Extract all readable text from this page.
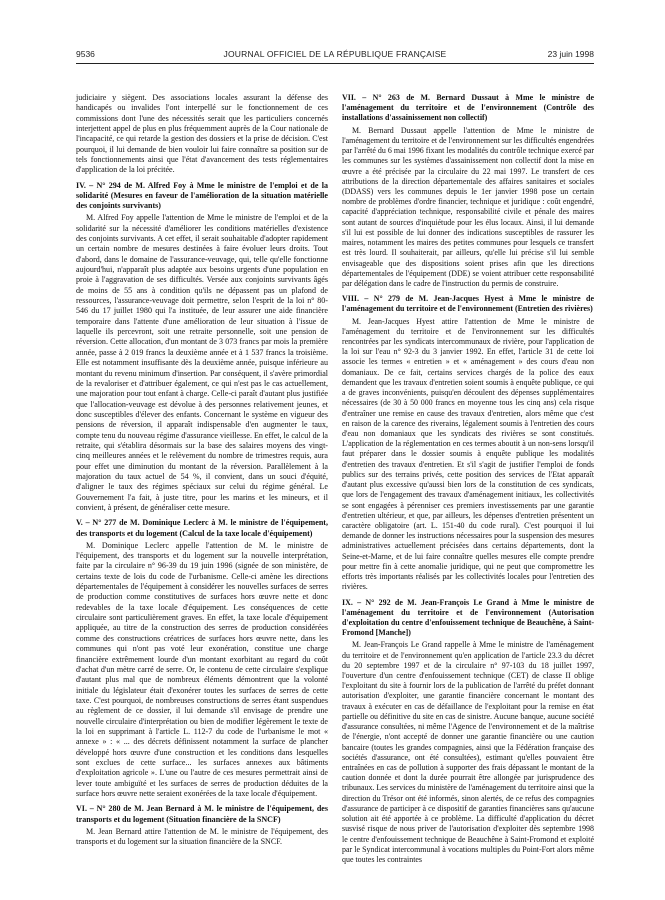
9536	JOURNAL OFFICIEL DE LA RÉPUBLIQUE FRANÇAISE	23 juin 1998

judiciaire y siègent. Des associations locales assurant la défense des handicapés ou invalides l'ont interpellé sur le fonctionnement de ces commissions dont l'une des nécessités serait que les particuliers concernés interjettent appel de plus en plus fréquemment auprès de la Cour nationale de l'incapacité, ce qui retarde la gestion des dossiers et la prise de décision. C'est pourquoi, il lui demande de bien vouloir lui faire connaître sa position sur de tels fonctionnements ainsi que l'état d'avancement des tests réglementaires d'application de la loi précitée.

IV. – N° 294 de M. Alfred Foy à Mme le ministre de l'emploi et de la solidarité (Mesures en faveur de l'amélioration de la situation matérielle des conjoints survivants)

M. Alfred Foy appelle l'attention de Mme le ministre de l'emploi et de la solidarité sur la nécessité d'améliorer les conditions matérielles d'existence des conjoints survivants. A cet effet, il serait souhaitable d'adopter rapidement un certain nombre de mesures destinées à faire évoluer leurs droits. Tout d'abord, dans le domaine de l'assurance-veuvage, qui, telle qu'elle fonctionne aujourd'hui, n'apparaît plus adaptée aux besoins urgents d'une population en proie à l'aggravation de ses difficultés. Versée aux conjoints survivants âgés de moins de 55 ans à condition qu'ils ne dépassent pas un plafond de ressources, l'assurance-veuvage doit permettre, selon l'esprit de la loi n° 80-546 du 17 juillet 1980 qui l'a instituée, de leur assurer une aide financière temporaire dans l'attente d'une amélioration de leur situation à l'issue de laquelle ils percevront, soit une retraite personnelle, soit une pension de réversion. Cette allocation, d'un montant de 3 073 francs par mois la première année, passe à 2 019 francs la deuxième année et à 1 537 francs la troisième. Elle est notamment insuffisante dès la deuxième année, puisque inférieure au montant du revenu minimum d'insertion. Par conséquent, il s'avère primordial de la revaloriser et d'attribuer également, ce qui n'est pas le cas actuellement, une majoration pour tout enfant à charge. Celle-ci paraît d'autant plus justifiée que l'allocation-veuvage est dévolue à des personnes relativement jeunes, et donc susceptibles d'élever des enfants. Concernant le système en vigueur des pensions de réversion, il apparaît indispensable d'en augmenter le taux, compte tenu du nouveau régime d'assurance vieillesse. En effet, le calcul de la retraite, qui s'établira désormais sur la base des salaires moyens des vingt-cinq meilleures années et le relèvement du nombre de trimestres requis, aura pour effet une diminution du montant de la réversion. Parallèlement à la majoration du taux actuel de 54 %, il convient, dans un souci d'équité, d'aligner le taux des régimes spéciaux sur celui du régime général. Le Gouvernement l'a fait, à juste titre, pour les marins et les mineurs, et il convient, à présent, de généraliser cette mesure.

V. – N° 277 de M. Dominique Leclerc à M. le ministre de l'équipement, des transports et du logement (Calcul de la taxe locale d'équipement)

M. Dominique Leclerc appelle l'attention de M. le ministre de l'équipement, des transports et du logement sur la nouvelle interprétation, faite par la circulaire n° 96-39 du 19 juin 1996 (signée de son ministère, de certains texte de lois du code de l'urbanisme. Celle-ci amène les directions départementales de l'équipement à considérer les nouvelles surfaces de serres de production comme constitutives de surfaces hors œuvre nette et donc redevables de la taxe locale d'équipement. Les conséquences de cette circulaire sont particulièrement graves. En effet, la taxe locale d'équipement appliquée, au titre de la construction des serres de production considérées comme des constructions créatrices de surfaces hors œuvre nette, dans les communes qui n'ont pas voté leur exonération, constitue une charge financière extrêmement lourde d'un montant exorbitant au regard du coût d'achat d'un mètre carré de serre. Or, le contenu de cette circulaire s'explique d'autant plus mal que de nombreux éléments démontrent que la volonté initiale du législateur était d'exonérer toutes les surfaces de serres de cette taxe. C'est pourquoi, de nombreuses constructions de serres étant suspendues au règlement de ce dossier, il lui demande s'il envisage de prendre une nouvelle circulaire d'interprétation ou bien de modifier légèrement le texte de la loi en supprimant à l'article L. 112-7 du code de l'urbanisme le mot « annexe » : « ... des décrets définissent notamment la surface de plancher développé hors œuvre d'une construction et les conditions dans lesquelles sont exclues de cette surface... les surfaces annexes aux bâtiments d'exploitation agricole ». L'une ou l'autre de ces mesures permettrait ainsi de lever toute ambiguïté et les surfaces de serres de production déduites de la surface hors œuvre nette seraient exonérées de la taxe locale d'équipement.

VI. – N° 280 de M. Jean Bernard à M. le ministre de l'équipement, des transports et du logement (Situation financière de la SNCF)

M. Jean Bernard attire l'attention de M. le ministre de l'équipement, des transports et du logement sur la situation financière de la SNCF.

VII. – N° 263 de M. Bernard Dussaut à Mme le ministre de l'aménagement du territoire et de l'environnement (Contrôle des installations d'assainissement non collectif)

M. Bernard Dussaut appelle l'attention de Mme le ministre de l'aménagement du territoire et de l'environnement sur les difficultés engendrées par l'arrêté du 6 mai 1996 fixant les modalités du contrôle technique exercé par les communes sur les systèmes d'assainissement non collectif dont la mise en œuvre a été précisée par la circulaire du 22 mai 1997. Le transfert de ces attributions de la direction départementale des affaires sanitaires et sociales (DDASS) vers les communes depuis le 1er janvier 1998 pose un certain nombre de problèmes d'ordre financier, technique et juridique : coût engendré, capacité d'appréciation technique, responsabilité civile et pénale des maires sont autant de sources d'inquiétude pour les élus locaux. Ainsi, il lui demande s'il lui est possible de lui donner des indications susceptibles de rassurer les maires, notamment les maires des petites communes pour lesquels ce transfert est très lourd. Il souhaiterait, par ailleurs, qu'elle lui précise s'il lui semble envisageable que des dispositions soient prises afin que les directions départementales de l'équipement (DDE) se voient attribuer cette responsabilité par délégation dans le cadre de l'instruction du permis de construire.

VIII. – N° 279 de M. Jean-Jacques Hyest à Mme le ministre de l'aménagement du territoire et de l'environnement (Entretien des rivières)

M. Jean-Jacques Hyest attire l'attention de Mme le ministre de l'aménagement du territoire et de l'environnement sur les difficultés rencontrées par les syndicats intercommunaux de rivière, pour l'application de la loi sur l'eau n° 92-3 du 3 janvier 1992. En effet, l'article 31 de cette loi associe les termes « entretien » et « aménagement » des cours d'eau non domaniaux. De ce fait, certains services chargés de la police des eaux demandent que les travaux d'entretien soient soumis à enquête publique, ce qui a de graves inconvénients, puisqu'en découlent des dépenses supplémentaires nécessaires (de 30 à 50 000 francs en moyenne tous les cinq ans) cela risque d'entraîner une remise en cause des travaux d'entretien, alors même que c'est en raison de la carence des riverains, légalement soumis à l'entretien des cours d'eau non domaniaux que les syndicats des rivières se sont constitués. L'application de la réglementation en ces termes aboutit à un non-sens lorsqu'il faut préparer dans le dossier soumis à enquête publique les modalités d'entretien des travaux d'entretien. Et s'il s'agit de justifier l'emploi de fonds publics sur des terrains privés, cette position des services de l'Etat apparaît d'autant plus excessive qu'aussi bien lors de la constitution de ces syndicats, que lors de l'engagement des travaux d'aménagement initiaux, les collectivités se sont engagées à pérenniser ces premiers investissements par une garantie d'entretien ultérieur, et que, par ailleurs, les dépenses d'entretien présentent un caractère obligatoire (art. L. 151-40 du code rural). C'est pourquoi il lui demande de donner les instructions nécessaires pour la suspension des mesures administratives actuellement précisées dans certains départements, dont la Seine-et-Marne, et de lui faire connaître quelles mesures elle compte prendre pour mettre fin à cette anomalie juridique, qui ne peut que compromettre les efforts très importants réalisés par les collectivités locales pour l'entretien des rivières.

IX. – N° 292 de M. Jean-François Le Grand à Mme le ministre de l'aménagement du territoire et de l'environnement (Autorisation d'exploitation du centre d'enfouissement technique de Beauchêne, à Saint-Fromond [Manche])

M. Jean-François Le Grand rappelle à Mme le ministre de l'aménagement du territoire et de l'environnement qu'en application de l'article 23.3 du décret du 20 septembre 1997 et de la circulaire n° 97-103 du 18 juillet 1997, l'ouverture d'un centre d'enfouissement technique (CET) de classe II oblige l'exploitant du site à fournir lors de la publication de l'arrêté du préfet donnant autorisation d'exploiter, une garantie financière concernant le montant des travaux à exécuter en cas de défaillance de l'exploitant pour la remise en état partielle ou définitive du site en cas de sinistre. Aucune banque, aucune société d'assurance consultées, ni même l'Agence de l'environnement et de la maîtrise de l'énergie, n'ont accepté de donner une garantie financière ou une caution bancaire (toutes les grandes compagnies, ainsi que la Fédération française des sociétés d'assurance, ont été consultées), estimant qu'elles pouvaient être entraînées en cas de pollution à supporter des frais dépassant le montant de la caution donnée et dont la durée pourrait être allongée par jurisprudence des tribunaux. Les services du ministère de l'aménagement du territoire ainsi que la direction du Trésor ont été informés, sinon alertés, de ce refus des compagnies d'assurance de participer à ce dispositif de garanties financières sans qu'aucune solution ait été apportée à ce problème. La difficulté d'application du décret susvisé risque de nous priver de l'autorisation d'exploiter dès septembre 1998 le centre d'enfouissement technique de Beauchêne à Saint-Fromond et exploité par le Syndicat intercommunal à vocations multiples du Point-Fort alors même que toutes les contraintes
